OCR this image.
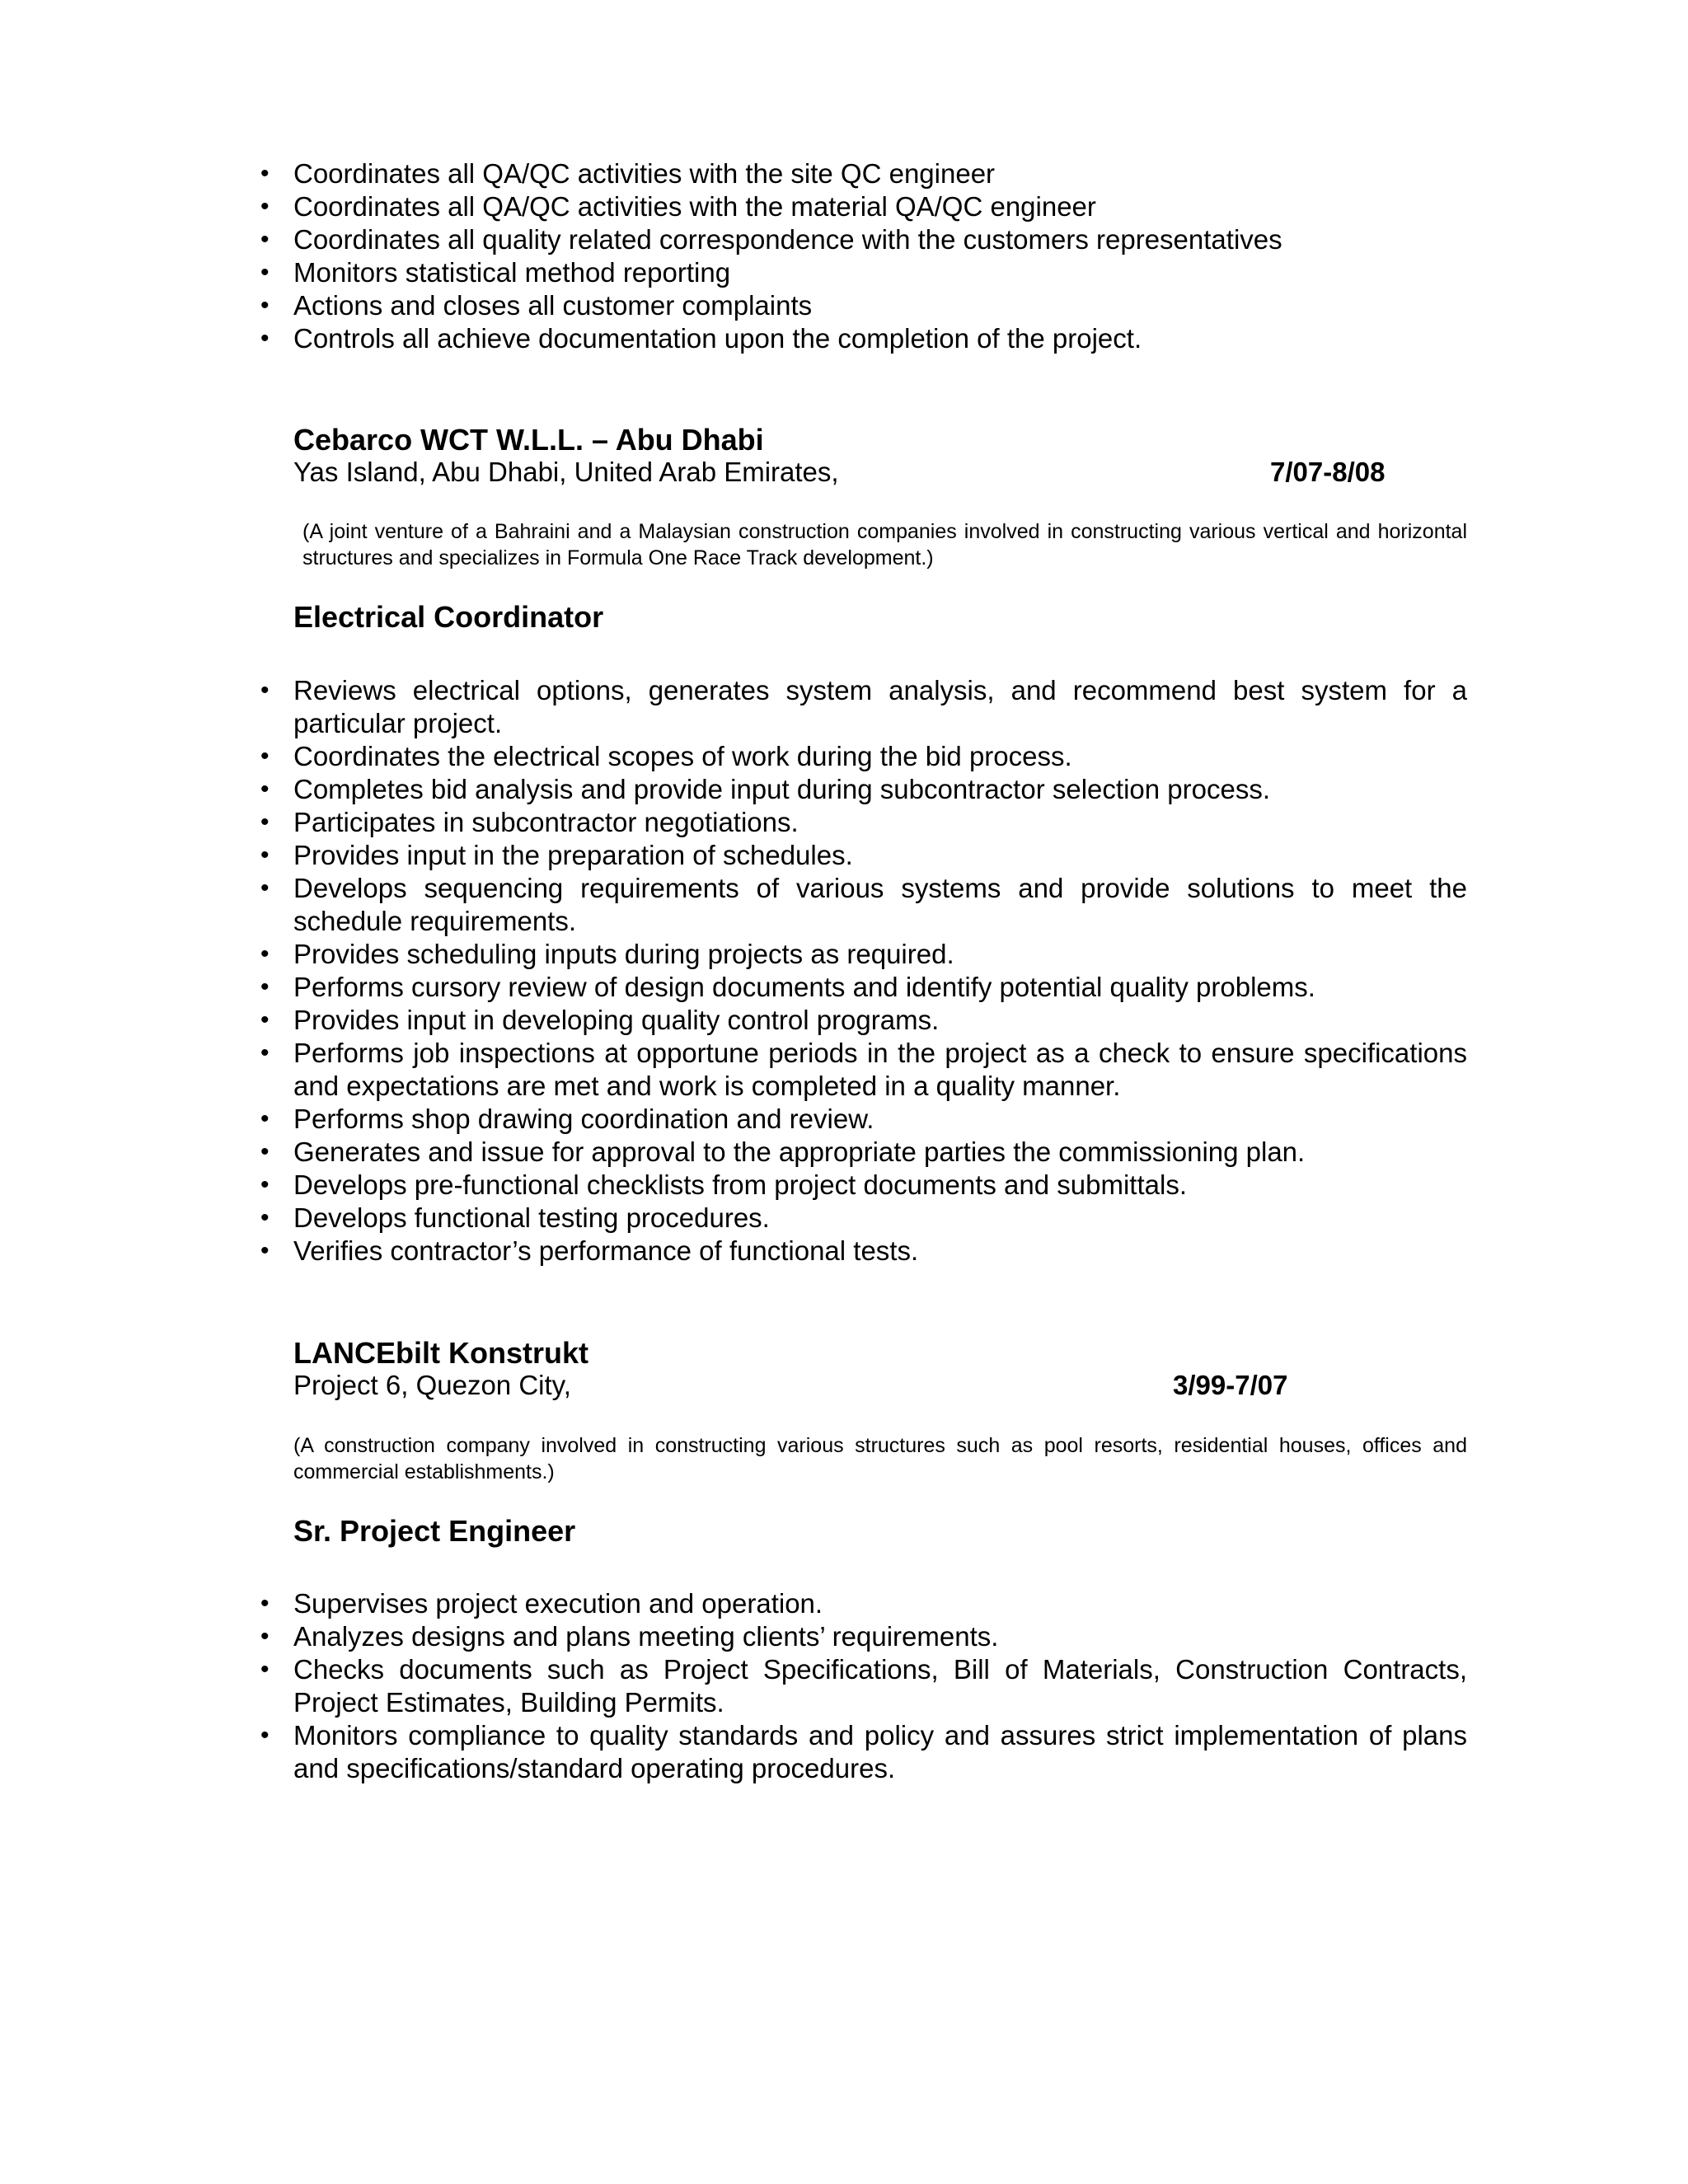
• Coordinates all QA/QC activities with the site QC engineer
• Coordinates all QA/QC activities with the material QA/QC engineer
• Coordinates all quality related correspondence with the customers representatives
• Monitors statistical method reporting
• Actions and closes all customer complaints
• Controls all achieve documentation upon the completion of the project.
Cebarco WCT W.L.L. – Abu Dhabi
Yas Island, Abu Dhabi, United Arab Emirates,	7/07-8/08
(A joint venture of a Bahraini and a Malaysian construction companies involved in constructing various vertical and horizontal structures and specializes in Formula One Race Track development.)
Electrical Coordinator
• Reviews electrical options, generates system analysis, and recommend best system for a particular project.
• Coordinates the electrical scopes of work during the bid process.
• Completes bid analysis and provide input during subcontractor selection process.
• Participates in subcontractor negotiations.
• Provides input in the preparation of schedules.
• Develops sequencing requirements of various systems and provide solutions to meet the schedule requirements.
• Provides scheduling inputs during projects as required.
• Performs cursory review of design documents and identify potential quality problems.
• Provides input in developing quality control programs.
• Performs job inspections at opportune periods in the project as a check to ensure specifications and expectations are met and work is completed in a quality manner.
• Performs shop drawing coordination and review.
• Generates and issue for approval to the appropriate parties the commissioning plan.
• Develops pre-functional checklists from project documents and submittals.
• Develops functional testing procedures.
• Verifies contractor’s performance of functional tests.
LANCEbilt Konstrukt
Project 6, Quezon City,	3/99-7/07
(A construction company involved in constructing various structures such as pool resorts, residential houses, offices and commercial establishments.)
Sr. Project Engineer
• Supervises project execution and operation.
• Analyzes designs and plans meeting clients’ requirements.
• Checks documents such as Project Specifications, Bill of Materials, Construction Contracts, Project Estimates, Building Permits.
• Monitors compliance to quality standards and policy and assures strict implementation of plans and specifications/standard operating procedures.
